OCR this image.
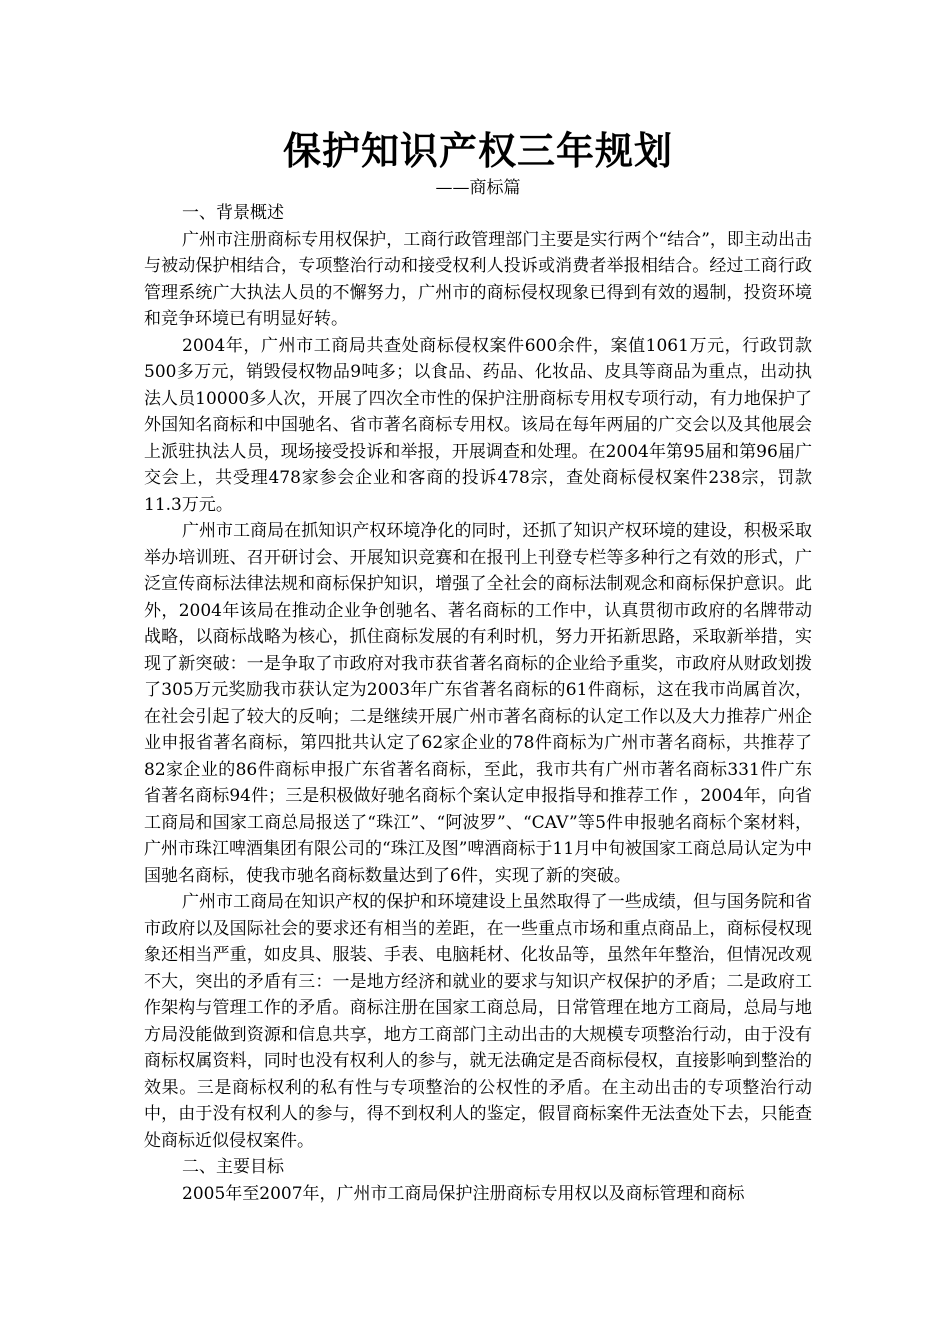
保护知识产权三年规划

——商标篇

一、背景概述

广州市注册商标专用权保护，工商行政管理部门主要是实行两个“结合”，即主动出击与被动保护相结合，专项整治行动和接受权利人投诉或消费者举报相结合。经过工商行政管理系统广大执法人员的不懈努力，广州市的商标侵权现象已得到有效的遏制，投资环境和竞争环境已有明显好转。

2004年，广州市工商局共查处商标侵权案件600余件，案值1061万元，行政罚款500多万元，销毁侵权物品9吨多；以食品、药品、化妆品、皮具等商品为重点，出动执法人员10000多人次，开展了四次全市性的保护注册商标专用权专项行动，有力地保护了外国知名商标和中国驰名、省市著名商标专用权。该局在每年两届的广交会以及其他展会上派驻执法人员，现场接受投诉和举报，开展调查和处理。在2004年第95届和第96届广交会上，共受理478家参会企业和客商的投诉478宗，查处商标侵权案件238宗，罚款11.3万元。

广州市工商局在抓知识产权环境净化的同时，还抓了知识产权环境的建设，积极采取举办培训班、召开研讨会、开展知识竞赛和在报刊上刊登专栏等多种行之有效的形式，广泛宣传商标法律法规和商标保护知识，增强了全社会的商标法制观念和商标保护意识。此外，2004年该局在推动企业争创驰名、著名商标的工作中，认真贯彻市政府的名牌带动战略，以商标战略为核心，抓住商标发展的有利时机，努力开拓新思路，采取新举措，实现了新突破：一是争取了市政府对我市获省著名商标的企业给予重奖，市政府从财政划拨了305万元奖励我市获认定为2003年广东省著名商标的61件商标，这在我市尚属首次，在社会引起了较大的反响；二是继续开展广州市著名商标的认定工作以及大力推荐广州企业申报省著名商标，第四批共认定了62家企业的78件商标为广州市著名商标，共推荐了82家企业的86件商标申报广东省著名商标，至此，我市共有广州市著名商标331件广东省著名商标94件；三是积极做好驰名商标个案认定申报指导和推荐工作 ，2004年，向省工商局和国家工商总局报送了“珠江”、“阿波罗”、“CAV”等5件申报驰名商标个案材料，广州市珠江啤酒集团有限公司的“珠江及图”啤酒商标于11月中旬被国家工商总局认定为中国驰名商标，使我市驰名商标数量达到了6件，实现了新的突破。

广州市工商局在知识产权的保护和环境建设上虽然取得了一些成绩，但与国务院和省市政府以及国际社会的要求还有相当的差距，在一些重点市场和重点商品上，商标侵权现象还相当严重，如皮具、服装、手表、电脑耗材、化妆品等，虽然年年整治，但情况改观不大，突出的矛盾有三：一是地方经济和就业的要求与知识产权保护的矛盾；二是政府工作架构与管理工作的矛盾。商标注册在国家工商总局，日常管理在地方工商局，总局与地方局没能做到资源和信息共享，地方工商部门主动出击的大规模专项整治行动，由于没有商标权属资料，同时也没有权利人的参与，就无法确定是否商标侵权，直接影响到整治的效果。三是商标权利的私有性与专项整治的公权性的矛盾。在主动出击的专项整治行动中，由于没有权利人的参与，得不到权利人的鉴定，假冒商标案件无法查处下去，只能查处商标近似侵权案件。

二、主要目标

2005年至2007年，广州市工商局保护注册商标专用权以及商标管理和商标
